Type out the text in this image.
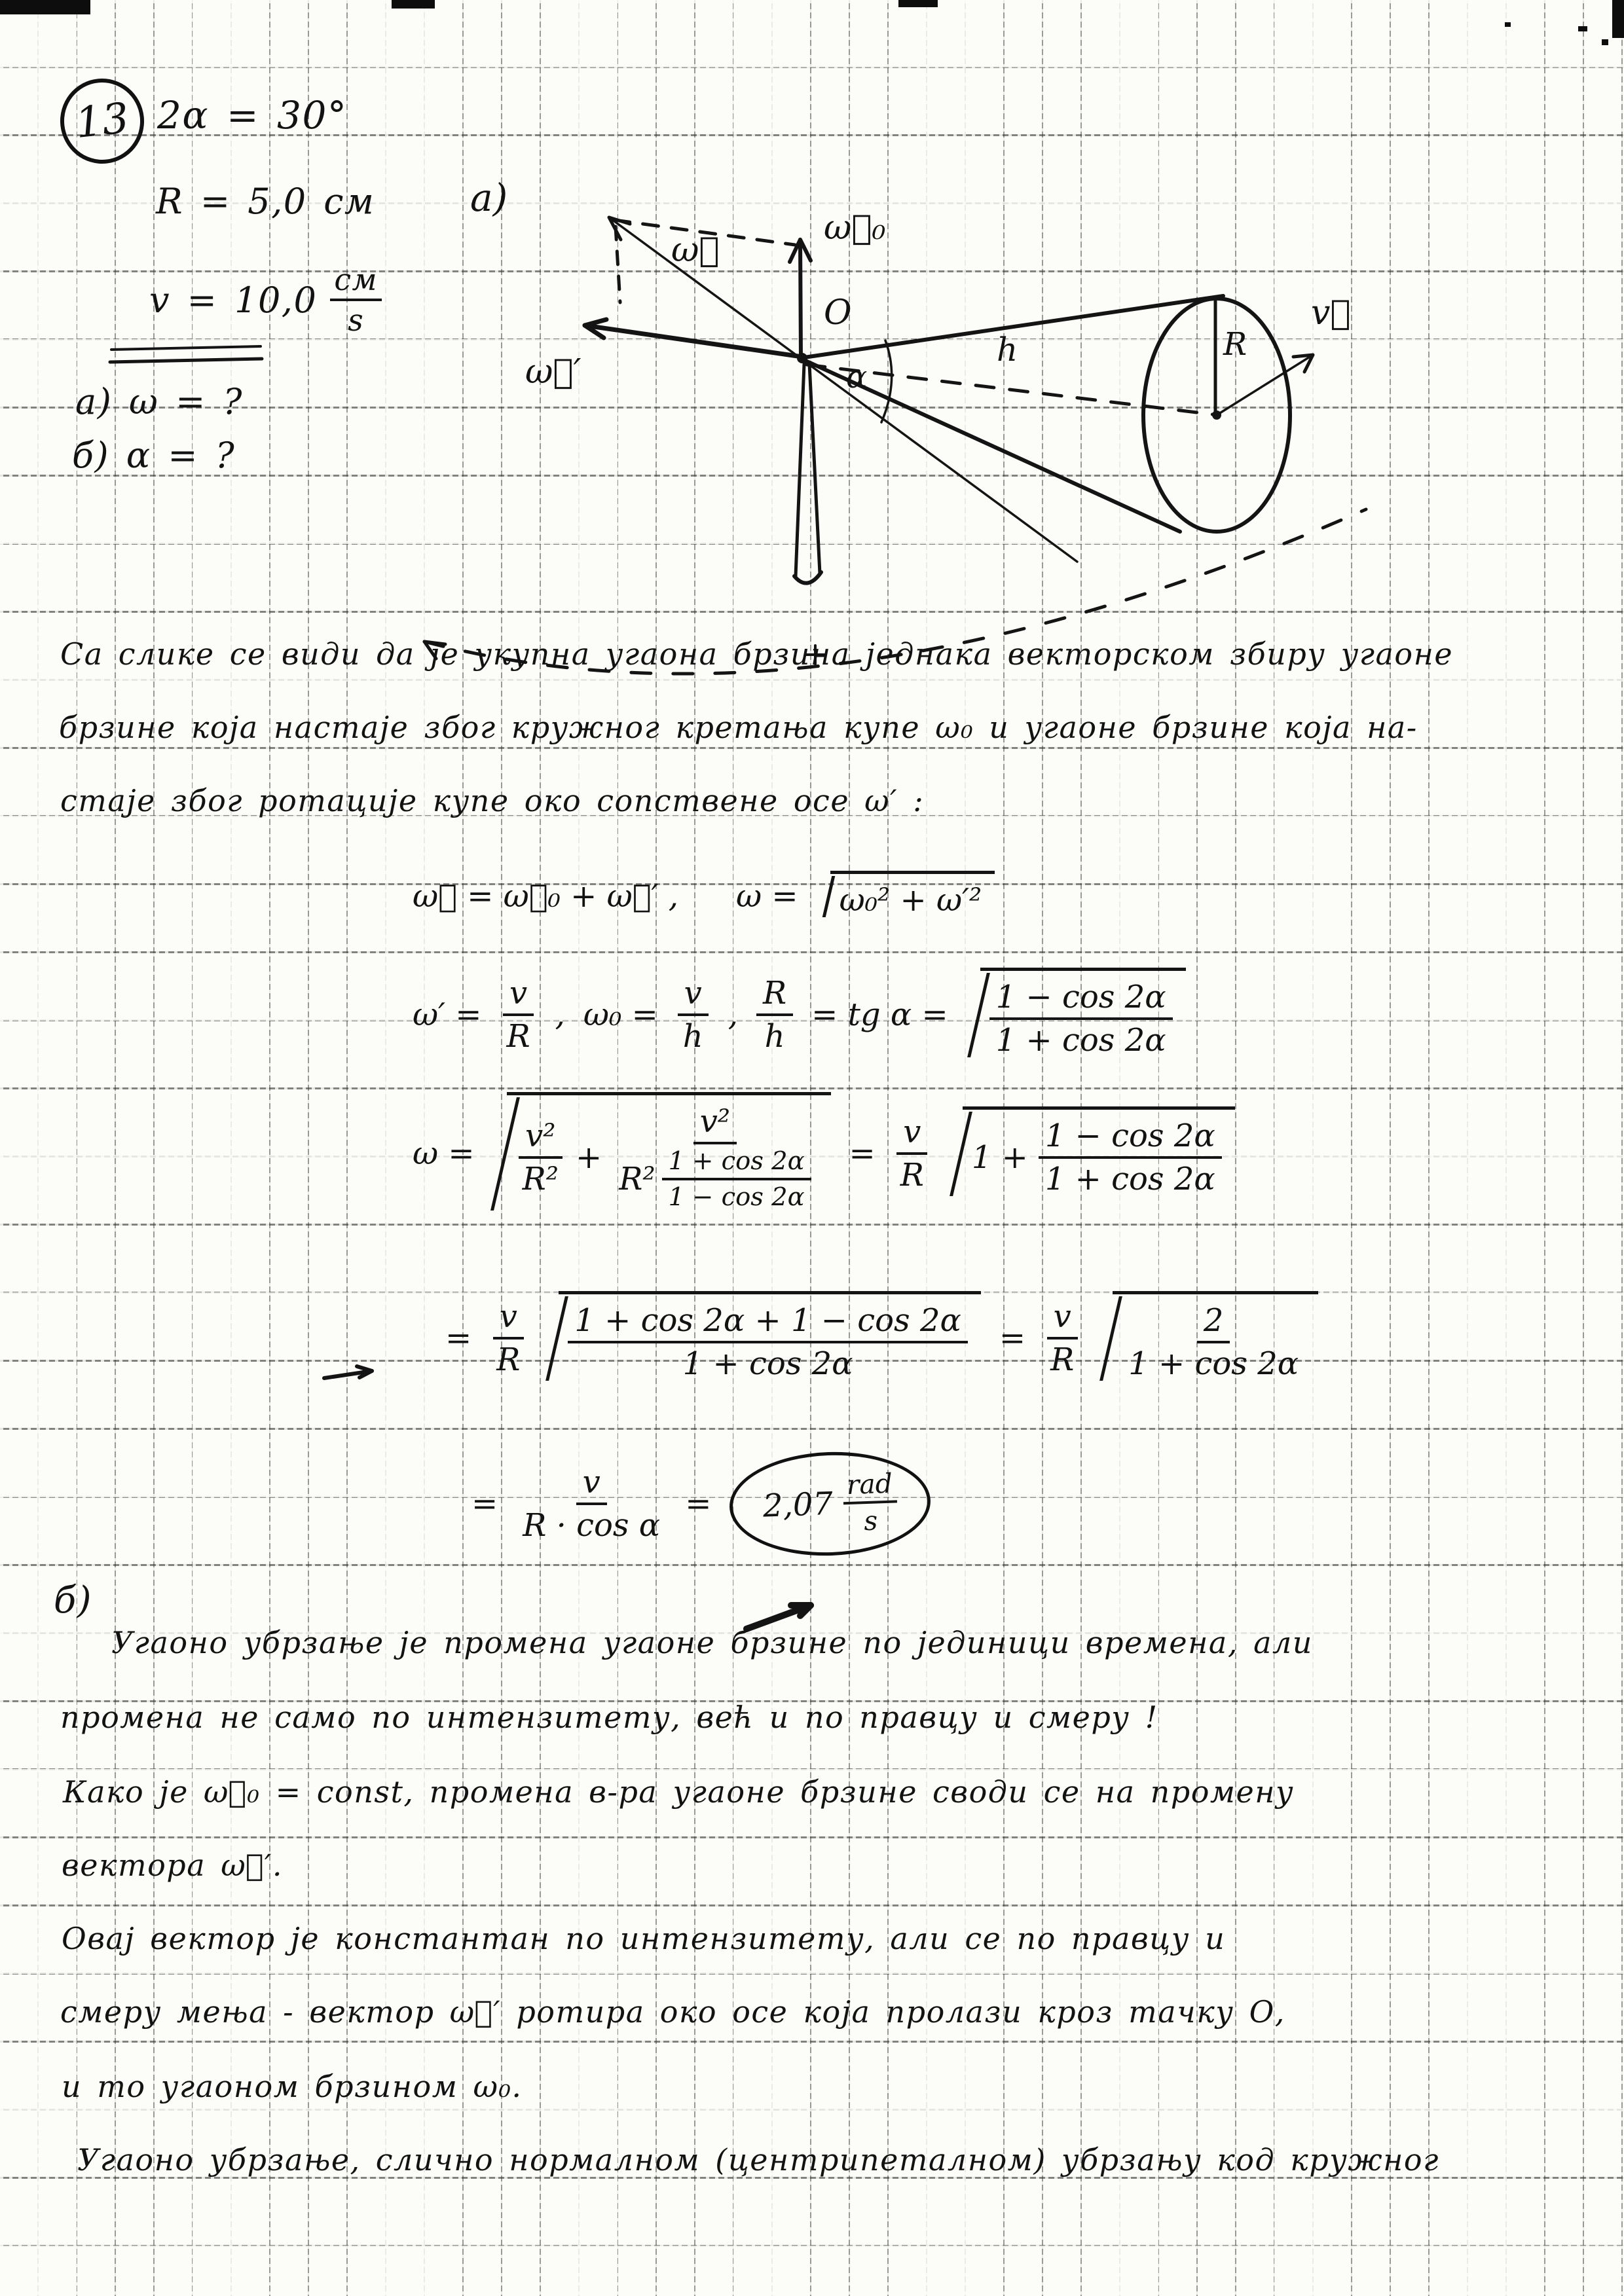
13 2α = 30°
R = 5,0 см
$v = 10,0 \frac{см}{s}$
а) ω = ?
б) α = ?
а)
ω⃗
ω⃗₀
ω⃗′
O
α
h	R
v⃗
Са слике се види да је укупна угаона брзина једнака векторском збиру угаоне
брзине која настаје због кружног кретања купе ω₀ и угаоне брзине која на-
стаје због ротације купе око сопствене осе ω′ :
ω⃗ = ω⃗₀ + ω⃗′ , ω = ω₀² + ω′²
$\omega' = \frac{v}{R}$ , $\omega_0 = \frac{v}{h}$ , $\frac{R}{h}$ = tg $\alpha = \frac{1 - \cos 2\alpha}{1 + \cos 2\alpha}$
$\omega = \frac{\text{v²}}{\text{R²}}$ +
v²
$R^2 \frac{1 + \cos 2\alpha}{1 - \cos 2\alpha} = \frac{v}{R} 1 + \frac{1 - \cos 2\alpha}{1 + \cos 2\alpha}$
= $\frac{v}{R} \frac{1 + \cos 2\alpha + 1 - \cos 2\alpha}{1 + \cos 2\alpha} = \frac{v}{R} \frac{2}{1 + \cos 2\alpha}$
= $\frac{v}{\text{R · cos α}} = 2,07 \frac{\text{rad}}{s}$
б)
Угаоно убрзање је промена угаоне брзине по јединици времена, али
промена не само по интензитету, већ и по правцу и смеру !
Како је ω⃗₀ = const, промена в-ра угаоне брзине своди се на промену
вектора ω⃗′.
Овај вектор је константан по интензитету, али се по правцу и
смеру мења - вектор ω⃗′ ротира око осе која пролази кроз тачку О,
и то угаоном брзином ω₀.
Угаоно убрзање, слично нормалном (центрипеталном) убрзању код кружног
